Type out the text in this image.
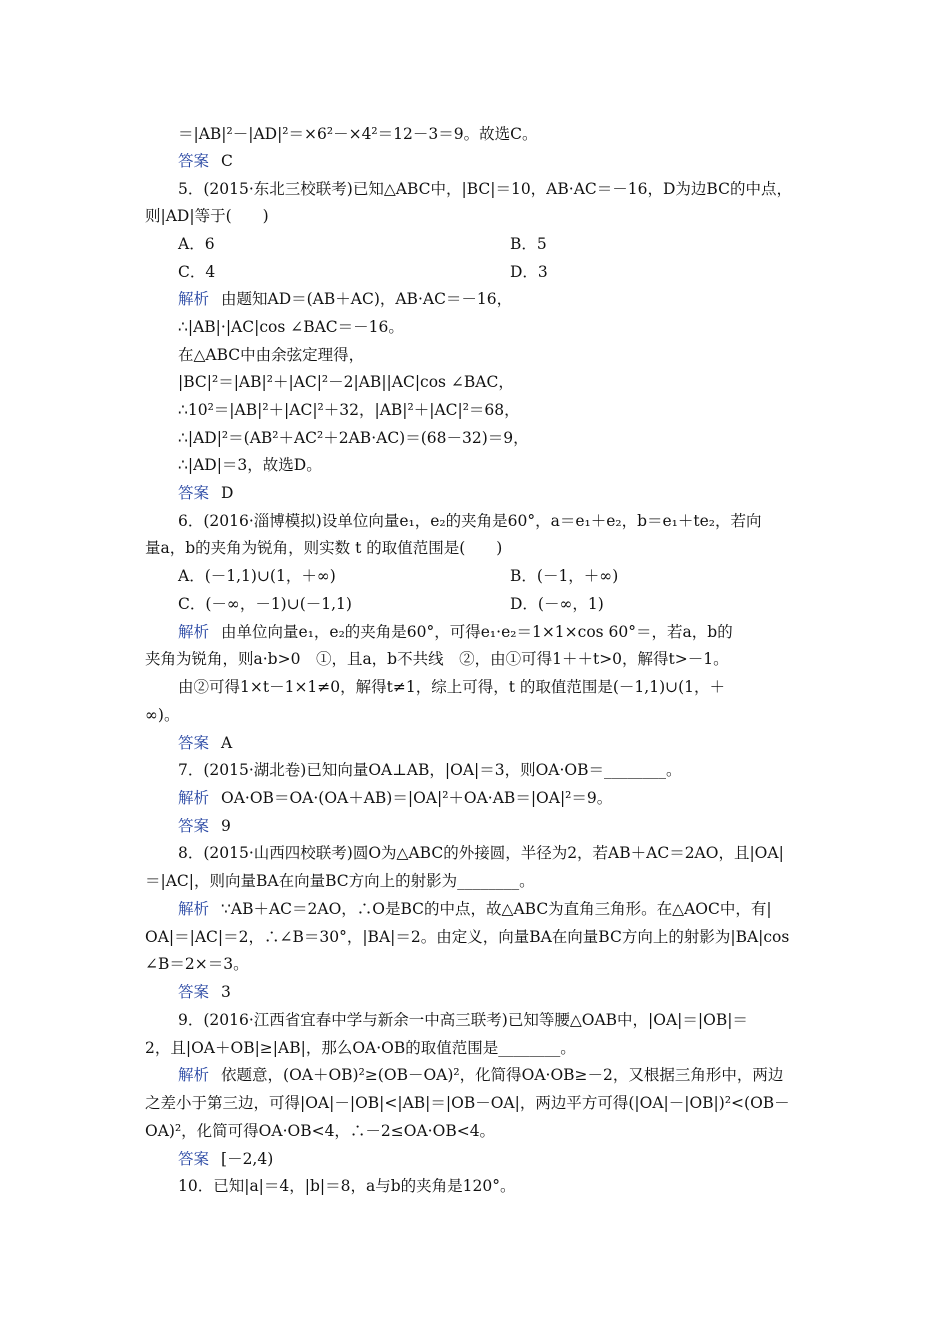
＝|AB|²－|AD|²＝×6²－×4²＝12－3＝9。故选C。
答案 C
5．(2015·东北三校联考)已知△ABC中，|BC|＝10，AB·AC＝－16，D为边BC的中点，
则|AD|等于(　　)
A．6	B．5
C．4	D．3
解析 由题知AD＝(AB＋AC)，AB·AC＝－16，
∴|AB|·|AC|cos ∠BAC＝－16。
在△ABC中由余弦定理得，
|BC|²＝|AB|²＋|AC|²－2|AB||AC|cos ∠BAC，
∴10²＝|AB|²＋|AC|²＋32，|AB|²＋|AC|²＝68，
∴|AD|²＝(AB²＋AC²＋2AB·AC)＝(68－32)＝9，
∴|AD|＝3，故选D。
答案 D
6．(2016·淄博模拟)设单位向量e₁，e₂的夹角是60°，a＝e₁＋e₂，b＝e₁＋te₂，若向
量a，b的夹角为锐角，则实数 t 的取值范围是(　　)
A．(－1,1)∪(1，＋∞)	B．(－1，＋∞)
C．(－∞，－1)∪(－1,1)	D．(－∞，1)
解析 由单位向量e₁，e₂的夹角是60°，可得e₁·e₂＝1×1×cos 60°＝，若a，b的
夹角为锐角，则a·b>0　①，且a，b不共线　②，由①可得1＋＋t>0，解得t>－1。
由②可得1×t－1×1≠0，解得t≠1，综上可得，t 的取值范围是(－1,1)∪(1，＋
∞)。
答案 A
7．(2015·湖北卷)已知向量OA⊥AB，|OA|＝3，则OA·OB＝________。
解析 OA·OB＝OA·(OA＋AB)＝|OA|²＋OA·AB＝|OA|²＝9。
答案 9
8．(2015·山西四校联考)圆O为△ABC的外接圆，半径为2，若AB＋AC＝2AO，且|OA|
＝|AC|，则向量BA在向量BC方向上的射影为________。
解析 ∵AB＋AC＝2AO，∴O是BC的中点，故△ABC为直角三角形。在△AOC中，有|
OA|＝|AC|＝2，∴∠B＝30°，|BA|＝2。由定义，向量BA在向量BC方向上的射影为|BA|cos
∠B＝2×＝3。
答案 3
9．(2016·江西省宜春中学与新余一中高三联考)已知等腰△OAB中，|OA|＝|OB|＝
2，且|OA＋OB|≥|AB|，那么OA·OB的取值范围是________。
解析 依题意，(OA＋OB)²≥(OB－OA)²，化简得OA·OB≥－2，又根据三角形中，两边
之差小于第三边，可得|OA|－|OB|<|AB|＝|OB－OA|，两边平方可得(|OA|－|OB|)²<(OB－
OA)²，化简可得OA·OB<4，∴－2≤OA·OB<4。
答案 [－2,4)
10．已知|a|＝4，|b|＝8，a与b的夹角是120°。
